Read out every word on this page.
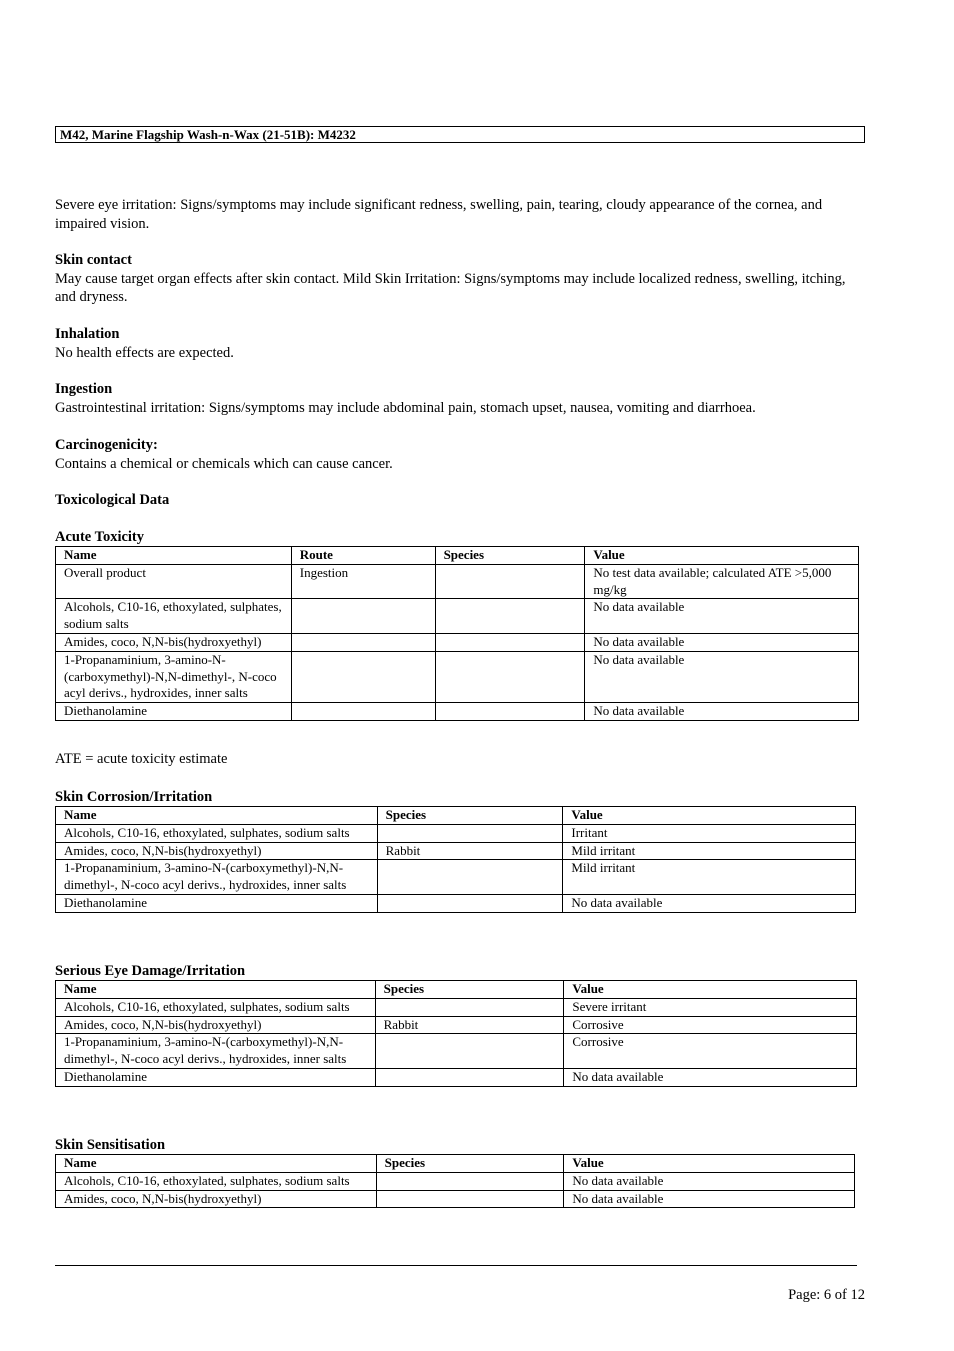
M42, Marine Flagship Wash-n-Wax (21-51B): M4232
Severe eye irritation: Signs/symptoms may include significant redness, swelling, pain, tearing, cloudy appearance of the cornea, and impaired vision.
Skin contact
May cause target organ effects after skin contact. Mild Skin Irritation: Signs/symptoms may include localized redness, swelling, itching, and dryness.
Inhalation
No health effects are expected.
Ingestion
Gastrointestinal irritation: Signs/symptoms may include abdominal pain, stomach upset, nausea, vomiting and diarrhoea.
Carcinogenicity:
Contains a chemical or chemicals which can cause cancer.
Toxicological Data
Acute Toxicity
Name	Route	Species	Value
Overall product	Ingestion		No test data available; calculated ATE >5,000 mg/kg
Alcohols, C10-16, ethoxylated, sulphates, sodium salts			No data available
Amides, coco, N,N-bis(hydroxyethyl)			No data available
1-Propanaminium, 3-amino-N-(carboxymethyl)-N,N-dimethyl-, N-coco acyl derivs., hydroxides, inner salts			No data available
Diethanolamine			No data available
ATE = acute toxicity estimate
Skin Corrosion/Irritation
Name	Species	Value
Alcohols, C10-16, ethoxylated, sulphates, sodium salts		Irritant
Amides, coco, N,N-bis(hydroxyethyl)	Rabbit	Mild irritant
1-Propanaminium, 3-amino-N-(carboxymethyl)-N,N-dimethyl-, N-coco acyl derivs., hydroxides, inner salts		Mild irritant
Diethanolamine		No data available
Serious Eye Damage/Irritation
Name	Species	Value
Alcohols, C10-16, ethoxylated, sulphates, sodium salts		Severe irritant
Amides, coco, N,N-bis(hydroxyethyl)	Rabbit	Corrosive
1-Propanaminium, 3-amino-N-(carboxymethyl)-N,N-dimethyl-, N-coco acyl derivs., hydroxides, inner salts		Corrosive
Diethanolamine		No data available
Skin Sensitisation
Name	Species	Value
Alcohols, C10-16, ethoxylated, sulphates, sodium salts		No data available
Amides, coco, N,N-bis(hydroxyethyl)		No data available
Page: 6 of 12
